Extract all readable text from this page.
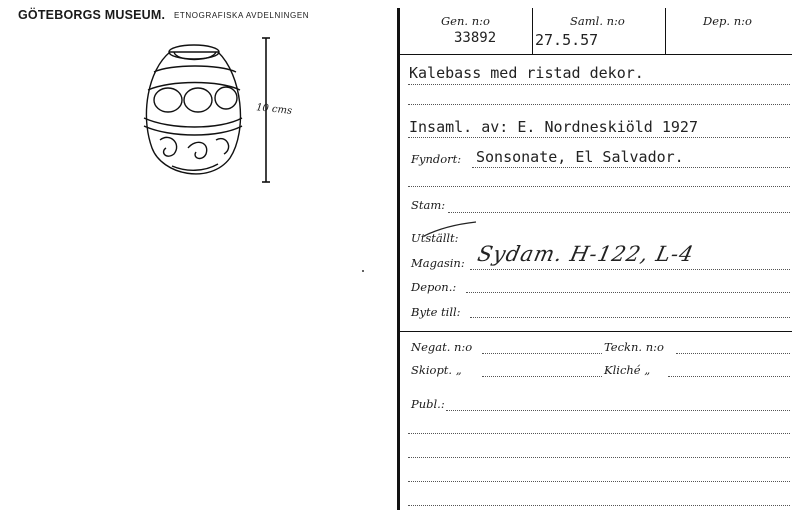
GÖTEBORGS MUSEUM. ETNOGRAFISKA AVDELNINGEN
10 cms
Gen. n:o
33892
Saml. n:o
27.5.57
Dep. n:o
Kalebass med ristad dekor.
Insaml. av: E. Nordneskiöld 1927
Fyndort: Sonsonate, El Salvador.
Stam:
Utställt:
Magasin: Sydam. H-122, L-4
Depon.:
Byte till:
Negat. n:o	Teckn. n:o
Skiopt. „	Kliché „
Publ.:
